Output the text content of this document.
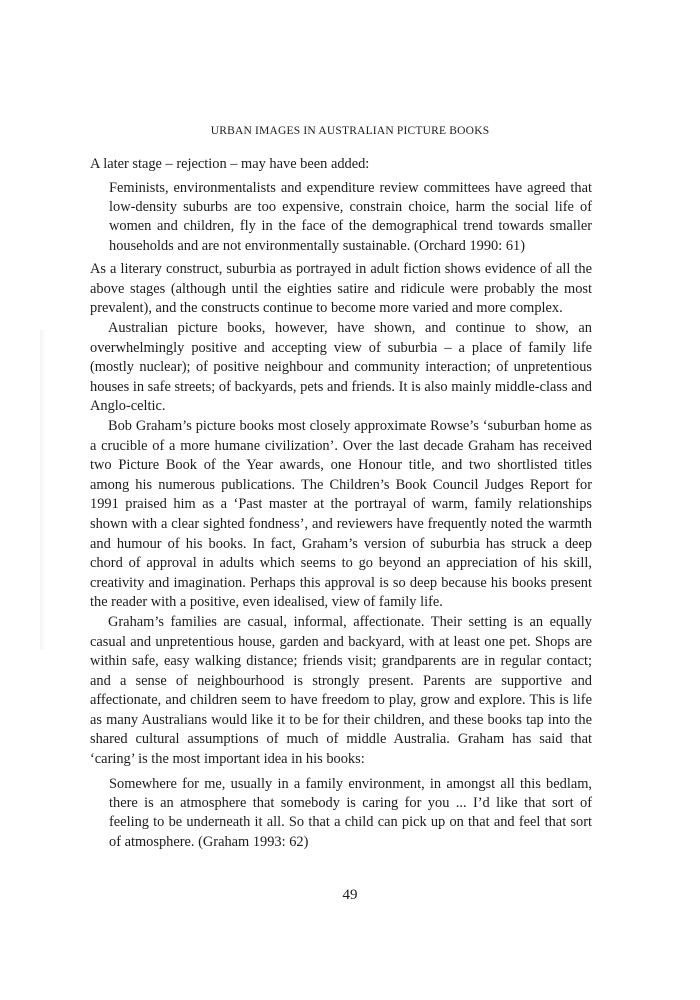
URBAN IMAGES IN AUSTRALIAN PICTURE BOOKS

A later stage – rejection – may have been added:

Feminists, environmentalists and expenditure review committees have agreed that low-density suburbs are too expensive, constrain choice, harm the social life of women and children, fly in the face of the demographical trend towards smaller households and are not environmentally sustainable. (Orchard 1990: 61)

As a literary construct, suburbia as portrayed in adult fiction shows evidence of all the above stages (although until the eighties satire and ridicule were probably the most prevalent), and the constructs continue to become more varied and more complex.

Australian picture books, however, have shown, and continue to show, an overwhelmingly positive and accepting view of suburbia – a place of family life (mostly nuclear); of positive neighbour and community interaction; of unpretentious houses in safe streets; of backyards, pets and friends. It is also mainly middle-class and Anglo-celtic.

Bob Graham’s picture books most closely approximate Rowse’s ‘suburban home as a crucible of a more humane civilization’. Over the last decade Graham has received two Picture Book of the Year awards, one Honour title, and two shortlisted titles among his numerous publications. The Children’s Book Council Judges Report for 1991 praised him as a ‘Past master at the portrayal of warm, family relationships shown with a clear sighted fondness’, and reviewers have frequently noted the warmth and humour of his books. In fact, Graham’s version of suburbia has struck a deep chord of approval in adults which seems to go beyond an appreciation of his skill, creativity and imagination. Perhaps this approval is so deep because his books present the reader with a positive, even idealised, view of family life.

Graham’s families are casual, informal, affectionate. Their setting is an equally casual and unpretentious house, garden and backyard, with at least one pet. Shops are within safe, easy walking distance; friends visit; grandparents are in regular contact; and a sense of neighbourhood is strongly present. Parents are supportive and affectionate, and children seem to have freedom to play, grow and explore. This is life as many Australians would like it to be for their children, and these books tap into the shared cultural assumptions of much of middle Australia. Graham has said that ‘caring’ is the most important idea in his books:

Somewhere for me, usually in a family environment, in amongst all this bedlam, there is an atmosphere that somebody is caring for you ... I’d like that sort of feeling to be underneath it all. So that a child can pick up on that and feel that sort of atmosphere. (Graham 1993: 62)

49
